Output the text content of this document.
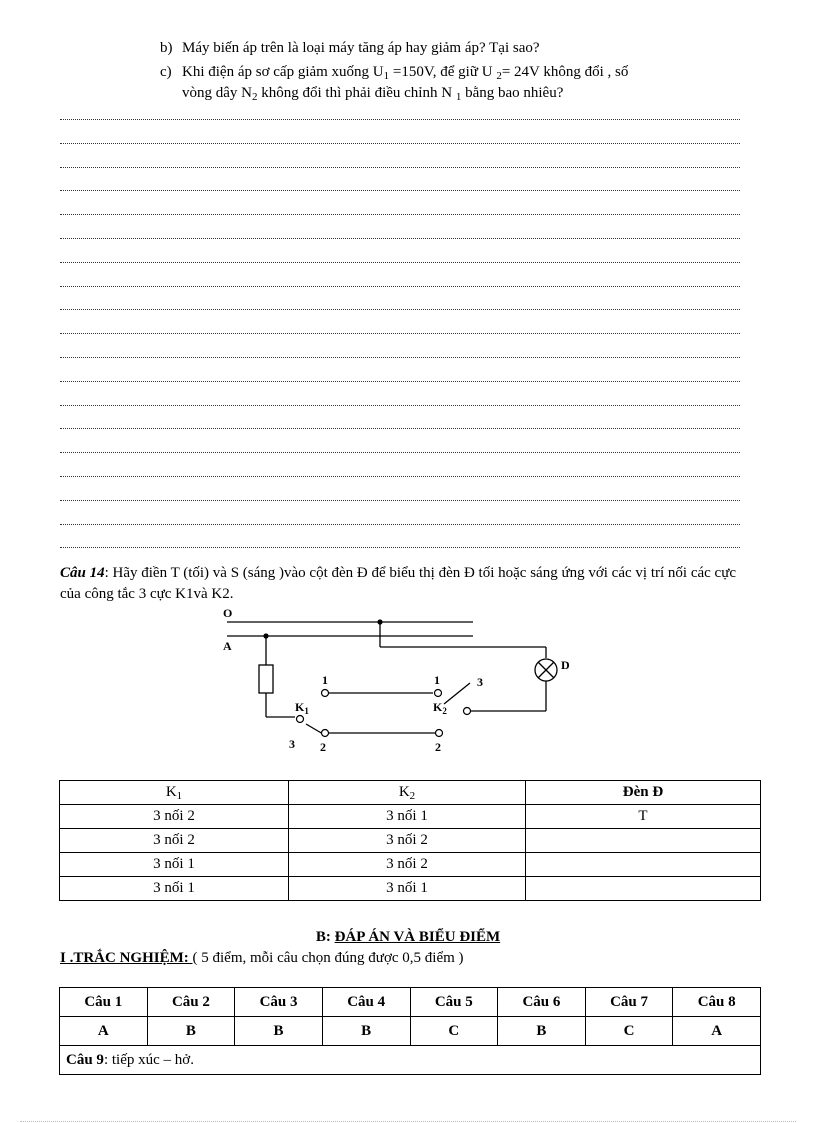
b) Máy biến áp trên là loại máy tăng áp hay giảm áp? Tại sao?
c) Khi điện áp sơ cấp giảm xuống $U_1 =150V$, để giữ U $_2$= 24V không đổi , số
vòng dây $N_2$ không đổi thì phải điều chỉnh N $_1$ bằng bao nhiêu?
Câu 14: Hãy điền T (tối) và S (sáng )vào cột đèn Đ để biểu thị đèn Đ tối hoặc sáng ứng với các vị trí nối các cực của công tắc 3 cực K1và K2.
O
A
D
1
2
3
$K_1$
1
2
3
$K_2$
$K_1$	$K_2$	Đèn Đ
3 nối 2	3 nối 1	T
3 nối 2	3 nối 2	
3 nối 1	3 nối 2	
3 nối 1	3 nối 1	
B: ĐÁP ÁN VÀ BIỂU ĐIỂM
I .TRẮC NGHIỆM: ( 5 điểm, mỗi câu chọn đúng được 0,5 điểm )
Câu 1	Câu 2	Câu 3	Câu 4	Câu 5	Câu 6	Câu 7	Câu 8
A	B	B	B	C	B	C	A
Câu 9: tiếp xúc – hở.							
